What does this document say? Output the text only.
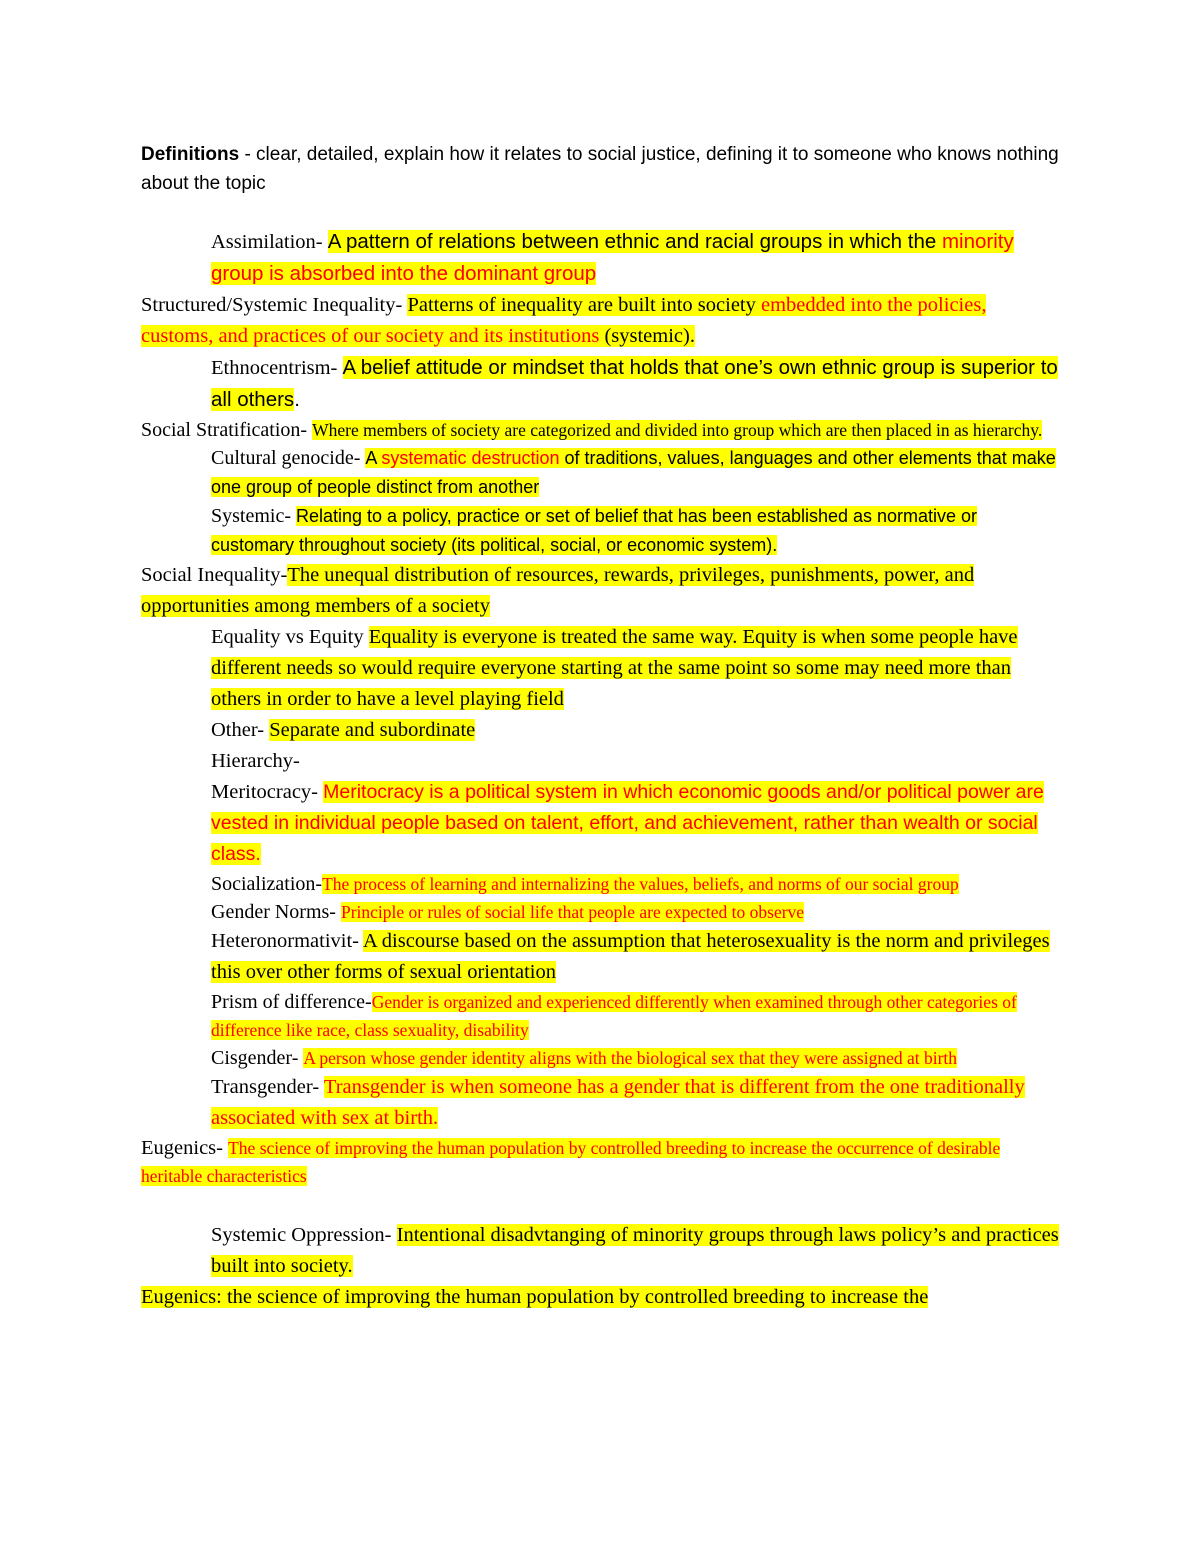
Definitions - clear, detailed, explain how it relates to social justice, defining it to someone who knows nothing about the topic

Assimilation- A pattern of relations between ethnic and racial groups in which the minority group is absorbed into the dominant group

Structured/Systemic Inequality- Patterns of inequality are built into society embedded into the policies, customs, and practices of our society and its institutions (systemic).

Ethnocentrism- A belief attitude or mindset that holds that one’s own ethnic group is superior to all others.

Social Stratification- Where members of society are categorized and divided into group which are then placed in as hierarchy.

Cultural genocide- A systematic destruction of traditions, values, languages and other elements that make one group of people distinct from another

Systemic- Relating to a policy, practice or set of belief that has been established as normative or customary throughout society (its political, social, or economic system).

Social Inequality-The unequal distribution of resources, rewards, privileges, punishments, power, and opportunities among members of a society

Equality vs Equity Equality is everyone is treated the same way. Equity is when some people have different needs so would require everyone starting at the same point so some may need more than others in order to have a level playing field

Other- Separate and subordinate

Hierarchy-

Meritocracy- Meritocracy is a political system in which economic goods and/or political power are vested in individual people based on talent, effort, and achievement, rather than wealth or social class.

Socialization-The process of learning and internalizing the values, beliefs, and norms of our social group

Gender Norms- Principle or rules of social life that people are expected to observe

Heteronormativit- A discourse based on the assumption that heterosexuality is the norm and privileges this over other forms of sexual orientation

Prism of difference-Gender is organized and experienced differently when examined through other categories of difference like race, class sexuality, disability

Cisgender- A person whose gender identity aligns with the biological sex that they were assigned at birth

Transgender- Transgender is when someone has a gender that is different from the one traditionally associated with sex at birth.

Eugenics- The science of improving the human population by controlled breeding to increase the occurrence of desirable heritable characteristics

Systemic Oppression- Intentional disadvtanging of minority groups through laws policy’s and practices built into society.

Eugenics: the science of improving the human population by controlled breeding to increase the
